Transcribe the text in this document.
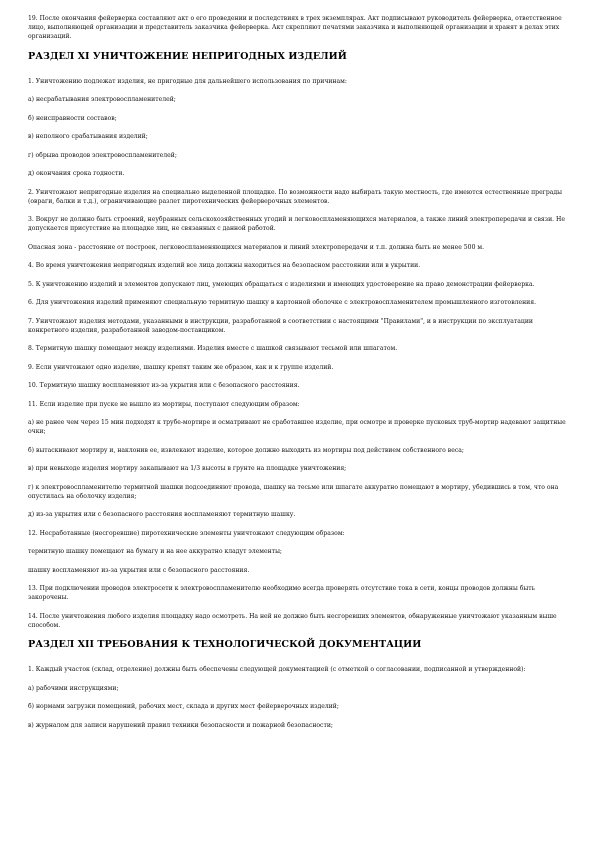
19. После окончания фейерверка составляют акт о его проведении и последствиях в трех экземплярах. Акт подписывают руководитель фейерверка, ответственное лицо, выполняющей организации и представитель заказчика фейерверка. Акт скрепляют печатями заказчика и выполняющей организации и хранят в делах этих организаций.

РАЗДЕЛ XI УНИЧТОЖЕНИЕ НЕПРИГОДНЫХ ИЗДЕЛИЙ

1. Уничтожению подлежат изделия, не пригодные для дальнейшего использования по причинам:

а) несрабатывания электровоспламенителей;

б) неисправности составов;

в) неполного срабатывания изделий;

г) обрыва проводов электровоспламенителей;

д) окончания срока годности.

2. Уничтожают непригодные изделия на специально выделенной площадке. По возможности надо выбирать такую местность, где имеются естественные преграды (овраги, балки и т.д.), ограничивающие разлет пиротехнических фейерверочных элементов.

3. Вокруг не должно быть строений, неубранных сельскохозяйственных угодий и легковоспламеняющихся материалов, а также линий электропередачи и связи. Не допускается присутствие на площадке лиц, не связанных с данной работой.

Опасная зона - расстояние от построек, легковоспламеняющихся материалов и линий электропередачи и т.п. должна быть не менее 500 м.

4. Во время уничтожения непригодных изделий все лица должны находиться на безопасном расстоянии или в укрытии.

5. К уничтожению изделий и элементов допускают лиц, умеющих обращаться с изделиями и имеющих удостоверение на право демонстрации фейерверка.

6. Для уничтожения изделий применяют специальную термитную шашку в картонной оболочке с электровоспламенителем промышленного изготовления.

7. Уничтожают изделия методами, указанными в инструкции, разработанной в соответствии с настоящими "Правилами", и в инструкции по эксплуатации конкретного изделия, разработанной заводом-поставщиком.

8. Термитную шашку помещают между изделиями. Изделия вместе с шашкой связывают тесьмой или шпагатом.

9. Если уничтожают одно изделие, шашку крепят таким же образом, как и к группе изделий.

10. Термитную шашку воспламеняют из-за укрытия или с безопасного расстояния.

11. Если изделие при пуске не вышло из мортиры, поступают следующим образом:

а) не ранее чем через 15 мин подходят к трубе-мортире и осматривают не сработавшее изделие, при осмотре и проверке пусковых труб-мортир надевают защитные очки;

б) вытаскивают мортиру и, наклонив ее, извлекают изделие, которое должно выходить из мортиры под действием собственного веса;

в) при невыходе изделия мортиру закапывают на 1/3 высоты в грунте на площадке уничтожения;

г) к электровоспламенителю термитной шашки подсоединяют провода, шашку на тесьме или шпагате аккуратно помещают в мортиру, убедившись в том, что она опустилась на оболочку изделия;

д) из-за укрытия или с безопасного расстояния воспламеняют термитную шашку.

12. Несработанные (несгоревшие) пиротехнические элементы уничтожают следующим образом:

термитную шашку помещают на бумагу и на нее аккуратно кладут элементы;

шашку воспламеняют из-за укрытия или с безопасного расстояния.

13. При подключении проводов электросети к электровоспламенителю необходимо всегда проверять отсутствие тока в сети, концы проводов должны быть закорочены.

14. После уничтожения любого изделия площадку надо осмотреть. На ней не должно быть несгоревших элементов, обнаруженные уничтожают указанным выше способом.

РАЗДЕЛ XII ТРЕБОВАНИЯ К ТЕХНОЛОГИЧЕСКОЙ ДОКУМЕНТАЦИИ

1. Каждый участок (склад, отделение) должны быть обеспечены следующей документацией (с отметкой о согласовании, подписанной и утвержденной):

а) рабочими инструкциями;

б) нормами загрузки помещений, рабочих мест, склада и других мест фейерверочных изделий;

в) журналом для записи нарушений правил техники безопасности и пожарной безопасности;
